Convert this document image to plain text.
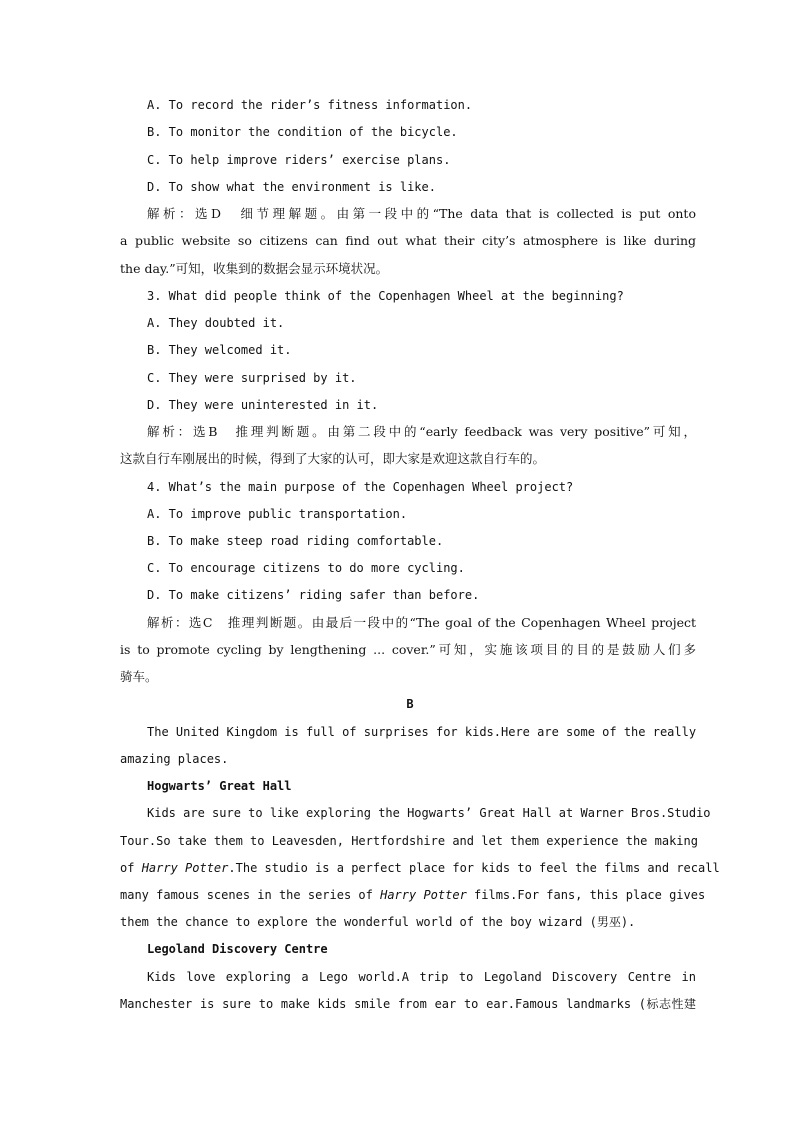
A. To record the rider’s fitness information.
B. To monitor the condition of the bicycle.
C. To help improve riders’ exercise plans.
D. To show what the environment is like.
解析：选D　细节理解题。由第一段中的“The data that is collected is put onto
a public website so citizens can find out what their city’s atmosphere is like during
the day.”可知，收集到的数据会显示环境状况。
3. What did people think of the Copenhagen Wheel at the beginning?
A. They doubted it.
B. They welcomed it.
C. They were surprised by it.
D. They were uninterested in it.
解析：选B　推理判断题。由第二段中的“early feedback was very positive”可知，
这款自行车刚展出的时候，得到了大家的认可，即大家是欢迎这款自行车的。
4. What’s the main purpose of the Copenhagen Wheel project?
A. To improve public transportation.
B. To make steep road riding comfortable.
C. To encourage citizens to do more cycling.
D. To make citizens’ riding safer than before.
解析：选C　推理判断题。由最后一段中的“The goal of the Copenhagen Wheel project
is to promote cycling by lengthening ... cover.”可知，实施该项目的目的是鼓励人们多
骑车。
B
The United Kingdom is full of surprises for kids.Here are some of the really
amazing places.
Hogwarts’ Great Hall
Kids are sure to like exploring the Hogwarts’ Great Hall at Warner Bros.Studio
Tour.So take them to Leavesden, Hertfordshire and let them experience the making
of Harry Potter.The studio is a perfect place for kids to feel the films and recall
many famous scenes in the series of Harry Potter films.For fans, this place gives
them the chance to explore the wonderful world of the boy wizard (男巫).
Legoland Discovery Centre
Kids love exploring a Lego world.A trip to Legoland Discovery Centre in
Manchester is sure to make kids smile from ear to ear.Famous landmarks (标志性建
